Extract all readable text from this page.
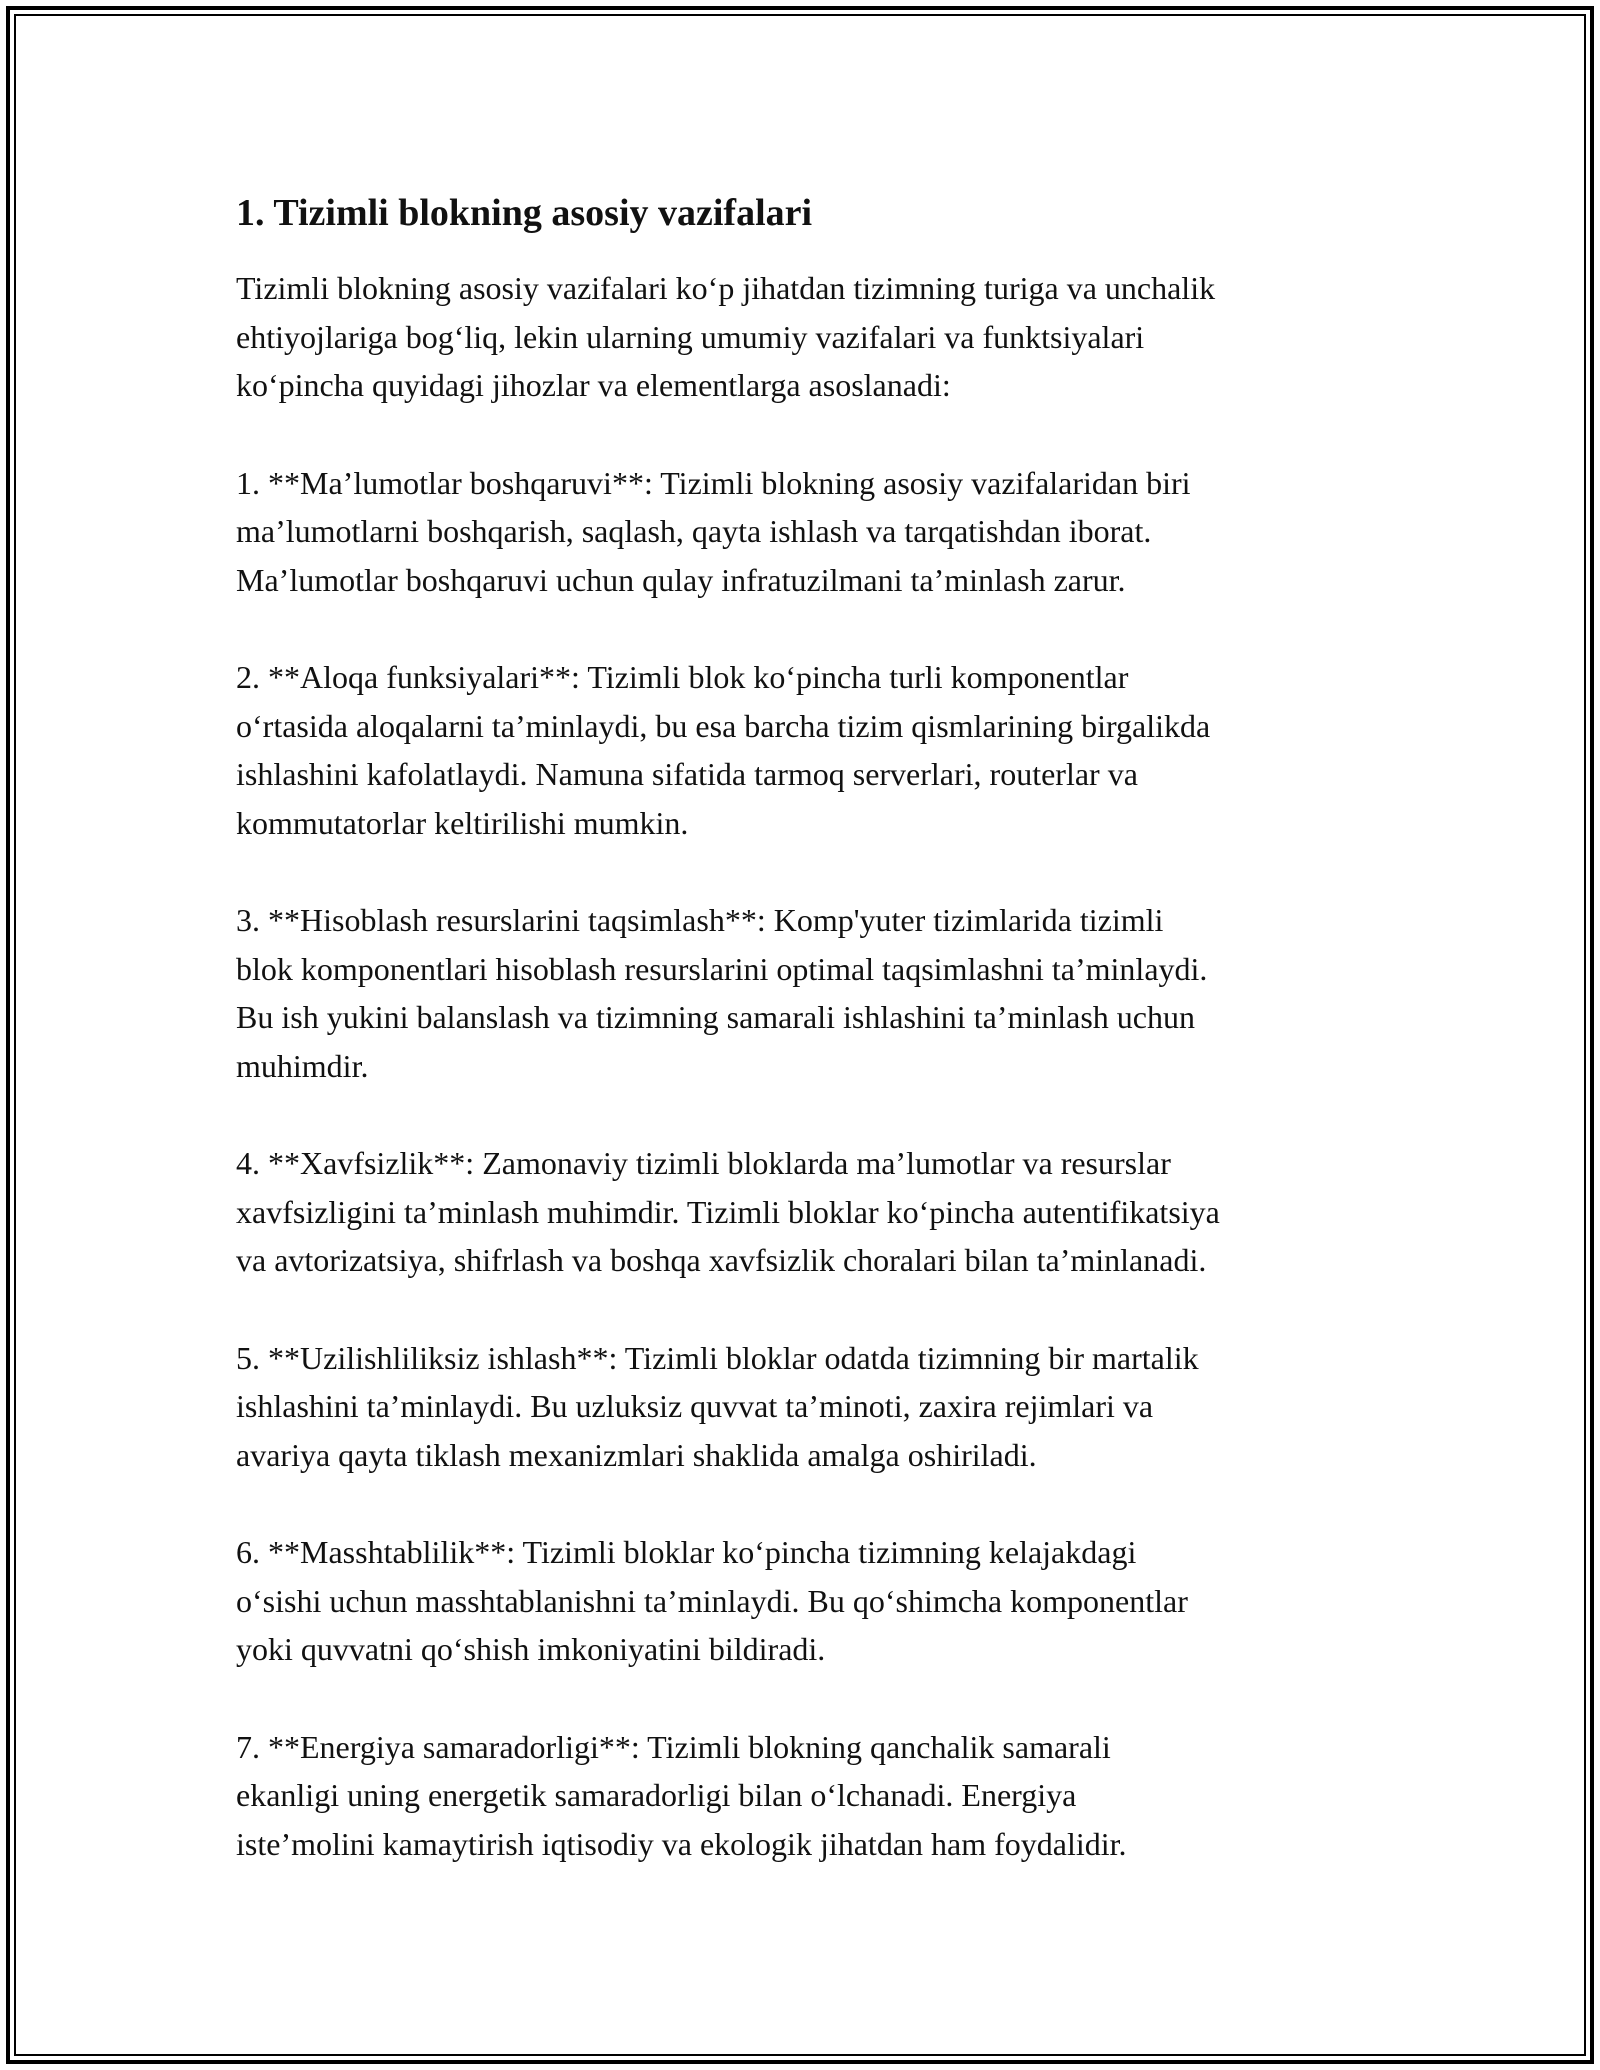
1. Tizimli blokning asosiy vazifalari

Tizimli blokning asosiy vazifalari ko‘p jihatdan tizimning turiga va unchalik
ehtiyojlariga bog‘liq, lekin ularning umumiy vazifalari va funktsiyalari
ko‘pincha quyidagi jihozlar va elementlarga asoslanadi:

1. **Ma’lumotlar boshqaruvi**: Tizimli blokning asosiy vazifalaridan biri
ma’lumotlarni boshqarish, saqlash, qayta ishlash va tarqatishdan iborat.
Ma’lumotlar boshqaruvi uchun qulay infratuzilmani ta’minlash zarur.

2. **Aloqa funksiyalari**: Tizimli blok ko‘pincha turli komponentlar
o‘rtasida aloqalarni ta’minlaydi, bu esa barcha tizim qismlarining birgalikda
ishlashini kafolatlaydi. Namuna sifatida tarmoq serverlari, routerlar va
kommutatorlar keltirilishi mumkin.

3. **Hisoblash resurslarini taqsimlash**: Komp'yuter tizimlarida tizimli
blok komponentlari hisoblash resurslarini optimal taqsimlashni ta’minlaydi.
Bu ish yukini balanslash va tizimning samarali ishlashini ta’minlash uchun
muhimdir.

4. **Xavfsizlik**: Zamonaviy tizimli bloklarda ma’lumotlar va resurslar
xavfsizligini ta’minlash muhimdir. Tizimli bloklar ko‘pincha autentifikatsiya
va avtorizatsiya, shifrlash va boshqa xavfsizlik choralari bilan ta’minlanadi.

5. **Uzilishliliksiz ishlash**: Tizimli bloklar odatda tizimning bir martalik
ishlashini ta’minlaydi. Bu uzluksiz quvvat ta’minoti, zaxira rejimlari va
avariya qayta tiklash mexanizmlari shaklida amalga oshiriladi.

6. **Masshtablilik**: Tizimli bloklar ko‘pincha tizimning kelajakdagi
o‘sishi uchun masshtablanishni ta’minlaydi. Bu qo‘shimcha komponentlar
yoki quvvatni qo‘shish imkoniyatini bildiradi.

7. **Energiya samaradorligi**: Tizimli blokning qanchalik samarali
ekanligi uning energetik samaradorligi bilan o‘lchanadi. Energiya
iste’molini kamaytirish iqtisodiy va ekologik jihatdan ham foydalidir.
